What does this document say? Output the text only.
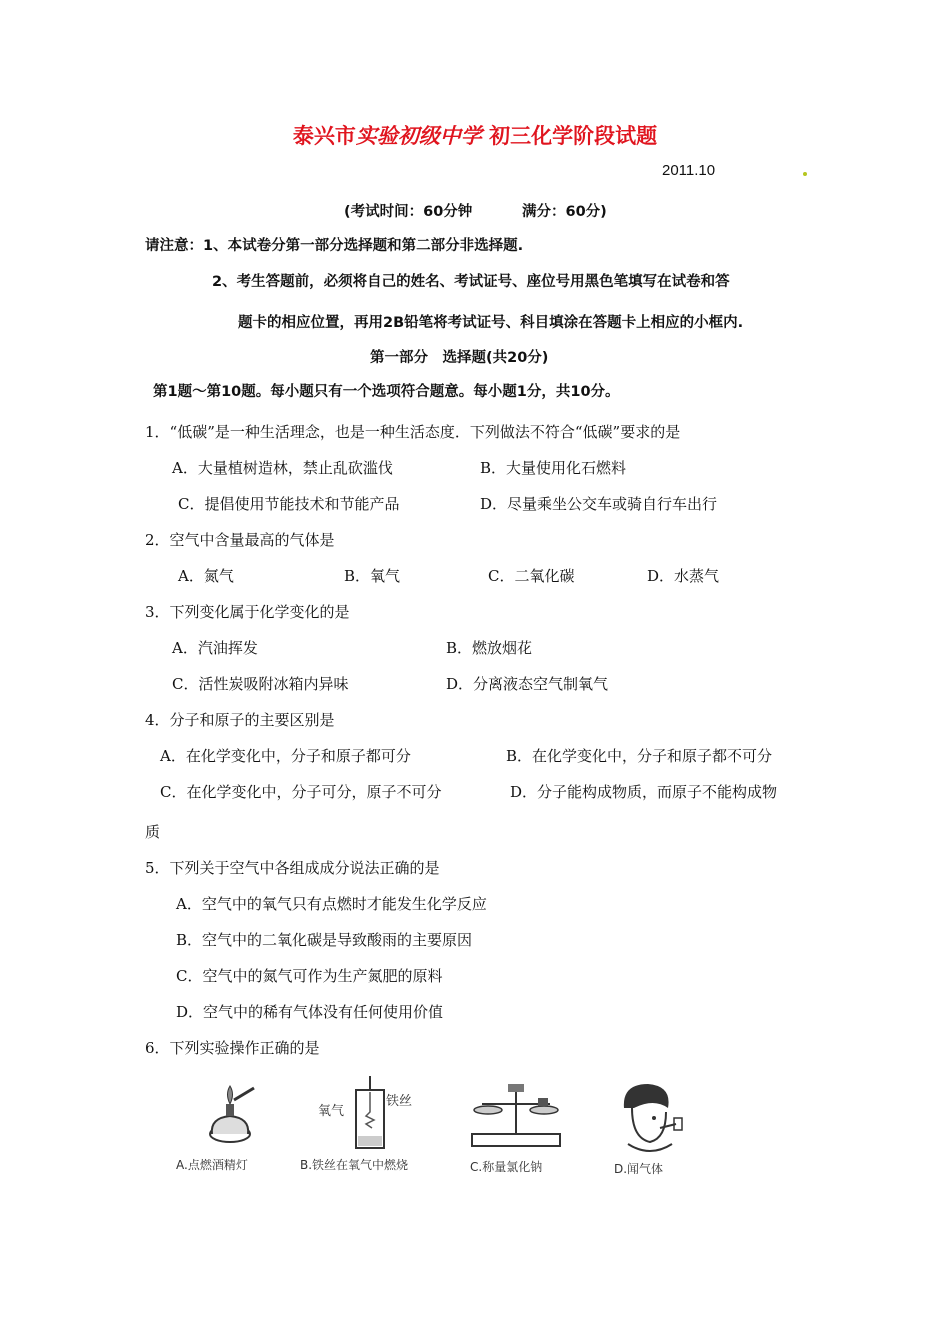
泰兴市实验初级中学 初三化学阶段试题
2011.10
(考试时间：60分钟	满分：60分)
请注意：1、本试卷分第一部分选择题和第二部分非选择题.
2、考生答题前，必须将自己的姓名、考试证号、座位号用黑色笔填写在试卷和答
题卡的相应位置，再用2B铅笔将考试证号、科目填涂在答题卡上相应的小框内.
第一部分　选择题(共20分)
第1题～第10题。每小题只有一个选项符合题意。每小题1分，共10分。
1．“低碳”是一种生活理念，也是一种生活态度．下列做法不符合“低碳”要求的是
A．大量植树造林，禁止乱砍滥伐	B．大量使用化石燃料
C．提倡使用节能技术和节能产品	D．尽量乘坐公交车或骑自行车出行
2．空气中含量最高的气体是
A．氮气	B．氧气	C．二氧化碳	D．水蒸气
3．下列变化属于化学变化的是
A．汽油挥发	B．燃放烟花
C．活性炭吸附冰箱内异味	D．分离液态空气制氧气
4．分子和原子的主要区别是
A．在化学变化中，分子和原子都可分	B．在化学变化中，分子和原子都不可分
C．在化学变化中，分子可分，原子不可分	D．分子能构成物质，而原子不能构成物
质
5．下列关于空气中各组成成分说法正确的是
A．空气中的氧气只有点燃时才能发生化学反应
B．空气中的二氧化碳是导致酸雨的主要原因
C．空气中的氮气可作为生产氮肥的原料
D．空气中的稀有气体没有任何使用价值
6．下列实验操作正确的是
A.点燃酒精灯
氧气
铁丝
B.铁丝在氧气中燃烧	C.称量氯化钠	D.闻气体
